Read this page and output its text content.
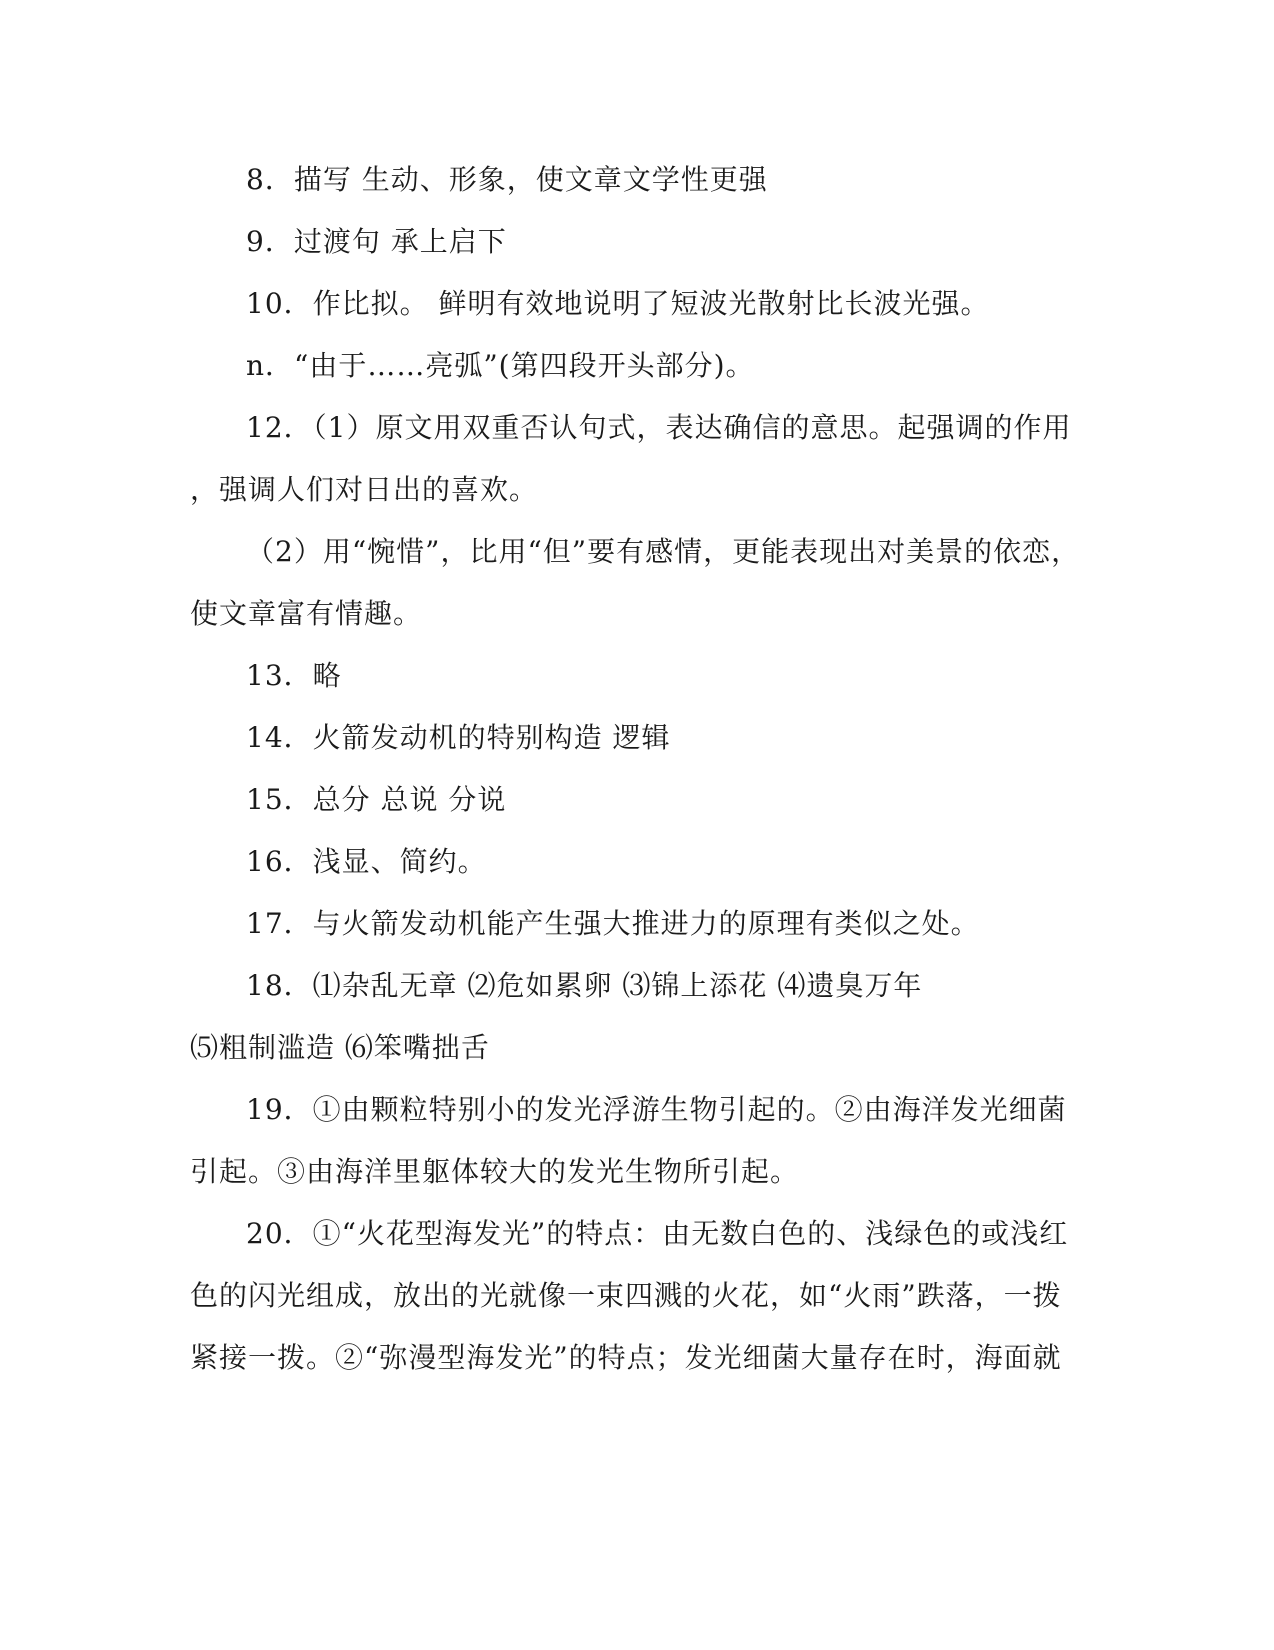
8．描写 生动、形象，使文章文学性更强
9．过渡句 承上启下
10．作比拟。 鲜明有效地说明了短波光散射比长波光强。
n．“由于……亮弧”(第四段开头部分)。
12．（1）原文用双重否认句式，表达确信的意思。起强调的作用
，强调人们对日出的喜欢。
（2）用“惋惜”，比用“但”要有感情，更能表现出对美景的依恋，
使文章富有情趣。
13．略
14．火箭发动机的特别构造 逻辑
15．总分 总说 分说
16．浅显、简约。
17．与火箭发动机能产生强大推进力的原理有类似之处。
18．⑴杂乱无章 ⑵危如累卵 ⑶锦上添花 ⑷遗臭万年
⑸粗制滥造 ⑹笨嘴拙舌
19．①由颗粒特别小的发光浮游生物引起的。②由海洋发光细菌
引起。③由海洋里躯体较大的发光生物所引起。
20．①“火花型海发光”的特点：由无数白色的、浅绿色的或浅红
色的闪光组成，放出的光就像一束四溅的火花，如“火雨”跌落，一拨
紧接一拨。②“弥漫型海发光”的特点；发光细菌大量存在时，海面就
